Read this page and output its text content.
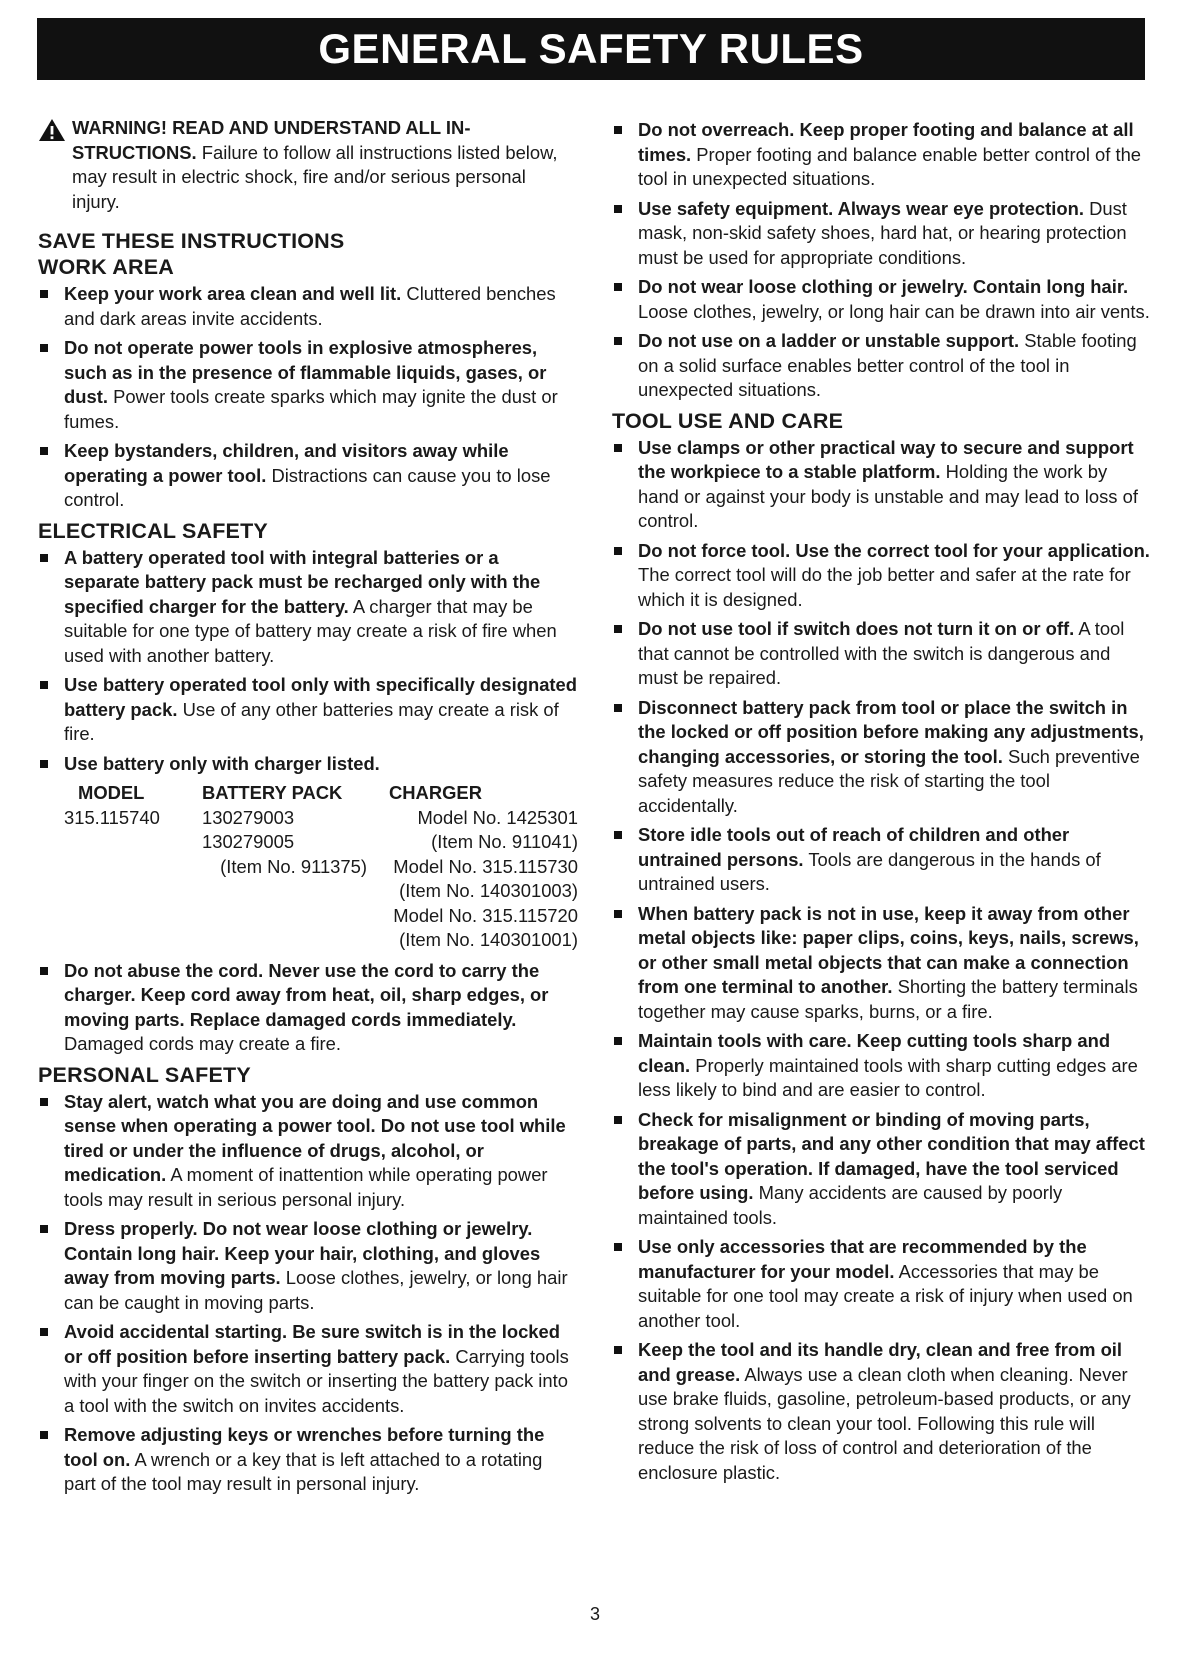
GENERAL SAFETY RULES
WARNING! READ AND UNDERSTAND ALL IN- STRUCTIONS. Failure to follow all instructions listed below, may result in electric shock, fire and/or serious personal injury.
SAVE THESE INSTRUCTIONS
WORK AREA
Keep your work area clean and well lit. Cluttered benches and dark areas invite accidents.
Do not operate power tools in explosive atmospheres, such as in the presence of flammable liquids, gases, or dust. Power tools create sparks which may ignite the dust or fumes.
Keep bystanders, children, and visitors away while operating a power tool. Distractions can cause you to lose control.
ELECTRICAL SAFETY
A battery operated tool with integral batteries or a separate battery pack must be recharged only with the specified charger for the battery. A charger that may be suitable for one type of battery may create a risk of fire when used with another battery.
Use battery operated tool only with specifically designated battery pack. Use of any other batteries may create a risk of fire.
Use battery only with charger listed.
MODEL	BATTERY PACK	CHARGER
315.115740	130279003	Model No. 1425301
	130279005	(Item No. 911041)
	(Item No. 911375)	Model No. 315.115730
		(Item No. 140301003)
		Model No. 315.115720
		(Item No. 140301001)
Do not abuse the cord. Never use the cord to carry the charger. Keep cord away from heat, oil, sharp edges, or moving parts. Replace damaged cords immediately. Damaged cords may create a fire.
PERSONAL SAFETY
Stay alert, watch what you are doing and use common sense when operating a power tool. Do not use tool while tired or under the influence of drugs, alcohol, or medication. A moment of inattention while operating power tools may result in serious personal injury.
Dress properly. Do not wear loose clothing or jewelry. Contain long hair. Keep your hair, clothing, and gloves away from moving parts. Loose clothes, jewelry, or long hair can be caught in moving parts.
Avoid accidental starting. Be sure switch is in the locked or off position before inserting battery pack. Carrying tools with your finger on the switch or inserting the battery pack into a tool with the switch on invites accidents.
Remove adjusting keys or wrenches before turning the tool on. A wrench or a key that is left attached to a rotating part of the tool may result in personal injury.
Do not overreach. Keep proper footing and balance at all times. Proper footing and balance enable better control of the tool in unexpected situations.
Use safety equipment. Always wear eye protection. Dust mask, non-skid safety shoes, hard hat, or hearing protection must be used for appropriate conditions.
Do not wear loose clothing or jewelry. Contain long hair. Loose clothes, jewelry, or long hair can be drawn into air vents.
Do not use on a ladder or unstable support. Stable footing on a solid surface enables better control of the tool in unexpected situations.
TOOL USE AND CARE
Use clamps or other practical way to secure and support the workpiece to a stable platform. Holding the work by hand or against your body is unstable and may lead to loss of control.
Do not force tool. Use the correct tool for your application. The correct tool will do the job better and safer at the rate for which it is designed.
Do not use tool if switch does not turn it on or off. A tool that cannot be controlled with the switch is dangerous and must be repaired.
Disconnect battery pack from tool or place the switch in the locked or off position before making any adjustments, changing accessories, or storing the tool. Such preventive safety measures reduce the risk of starting the tool accidentally.
Store idle tools out of reach of children and other untrained persons. Tools are dangerous in the hands of untrained users.
When battery pack is not in use, keep it away from other metal objects like: paper clips, coins, keys, nails, screws, or other small metal objects that can make a connection from one terminal to another. Shorting the battery terminals together may cause sparks, burns, or a fire.
Maintain tools with care. Keep cutting tools sharp and clean. Properly maintained tools with sharp cutting edges are less likely to bind and are easier to control.
Check for misalignment or binding of moving parts, breakage of parts, and any other condition that may affect the tool's operation. If damaged, have the tool serviced before using. Many accidents are caused by poorly maintained tools.
Use only accessories that are recommended by the manufacturer for your model. Accessories that may be suitable for one tool may create a risk of injury when used on another tool.
Keep the tool and its handle dry, clean and free from oil and grease. Always use a clean cloth when cleaning. Never use brake fluids, gasoline, petroleum-based products, or any strong solvents to clean your tool. Following this rule will reduce the risk of loss of control and deterioration of the enclosure plastic.
3
